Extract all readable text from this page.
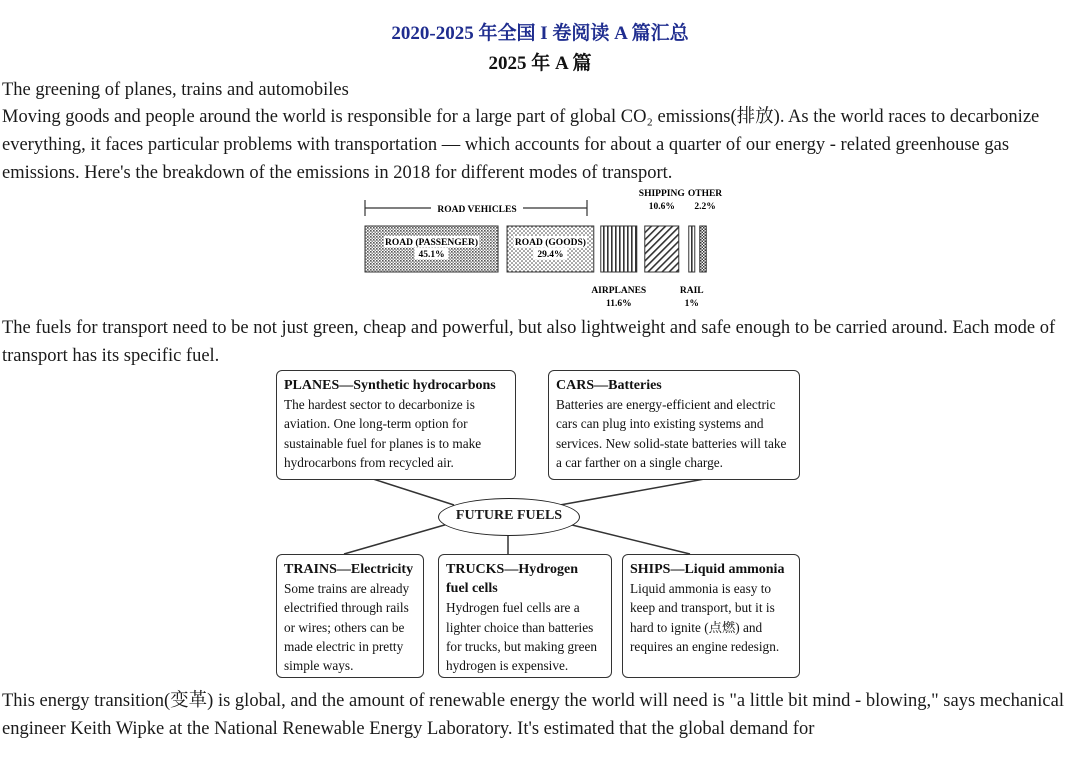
2020-2025 年全国 I 卷阅读 A 篇汇总
2025 年 A 篇

The greening of planes, trains and automobiles

Moving goods and people around the world is responsible for a large part of global CO₂ emissions(排放). As the world races to decarbonize everything, it faces particular problems with transportation — which accounts for about a quarter of our energy - related greenhouse gas emissions. Here's the breakdown of the emissions in 2018 for different modes of transport.

ROAD VEHICLES
ROAD (PASSENGER)
45.1%
ROAD (GOODS)
29.4%
AIRPLANES
11.6%
SHIPPING
10.6%
RAIL
1%
OTHER
2.2%

The fuels for transport need to be not just green, cheap and powerful, but also lightweight and safe enough to be carried around. Each mode of transport has its specific fuel.

PLANES—Synthetic hydrocarbons
The hardest sector to decarbonize is aviation. One long-term option for sustainable fuel for planes is to make hydrocarbons from recycled air.
CARS—Batteries
Batteries are energy-efficient and electric cars can plug into existing systems and services. New solid-state batteries will take a car farther on a single charge.
FUTURE FUELS
TRAINS—Electricity
Some trains are already electrified through rails or wires; others can be made electric in pretty simple ways.
TRUCKS—Hydrogen fuel cells
Hydrogen fuel cells are a lighter choice than batteries for trucks, but making green hydrogen is expensive.
SHIPS—Liquid ammonia
Liquid ammonia is easy to keep and transport, but it is hard to ignite (点燃) and requires an engine redesign.

This energy transition(变革) is global, and the amount of renewable energy the world will need is "a little bit mind - blowing," says mechanical engineer Keith Wipke at the National Renewable Energy Laboratory. It's estimated that the global demand for
